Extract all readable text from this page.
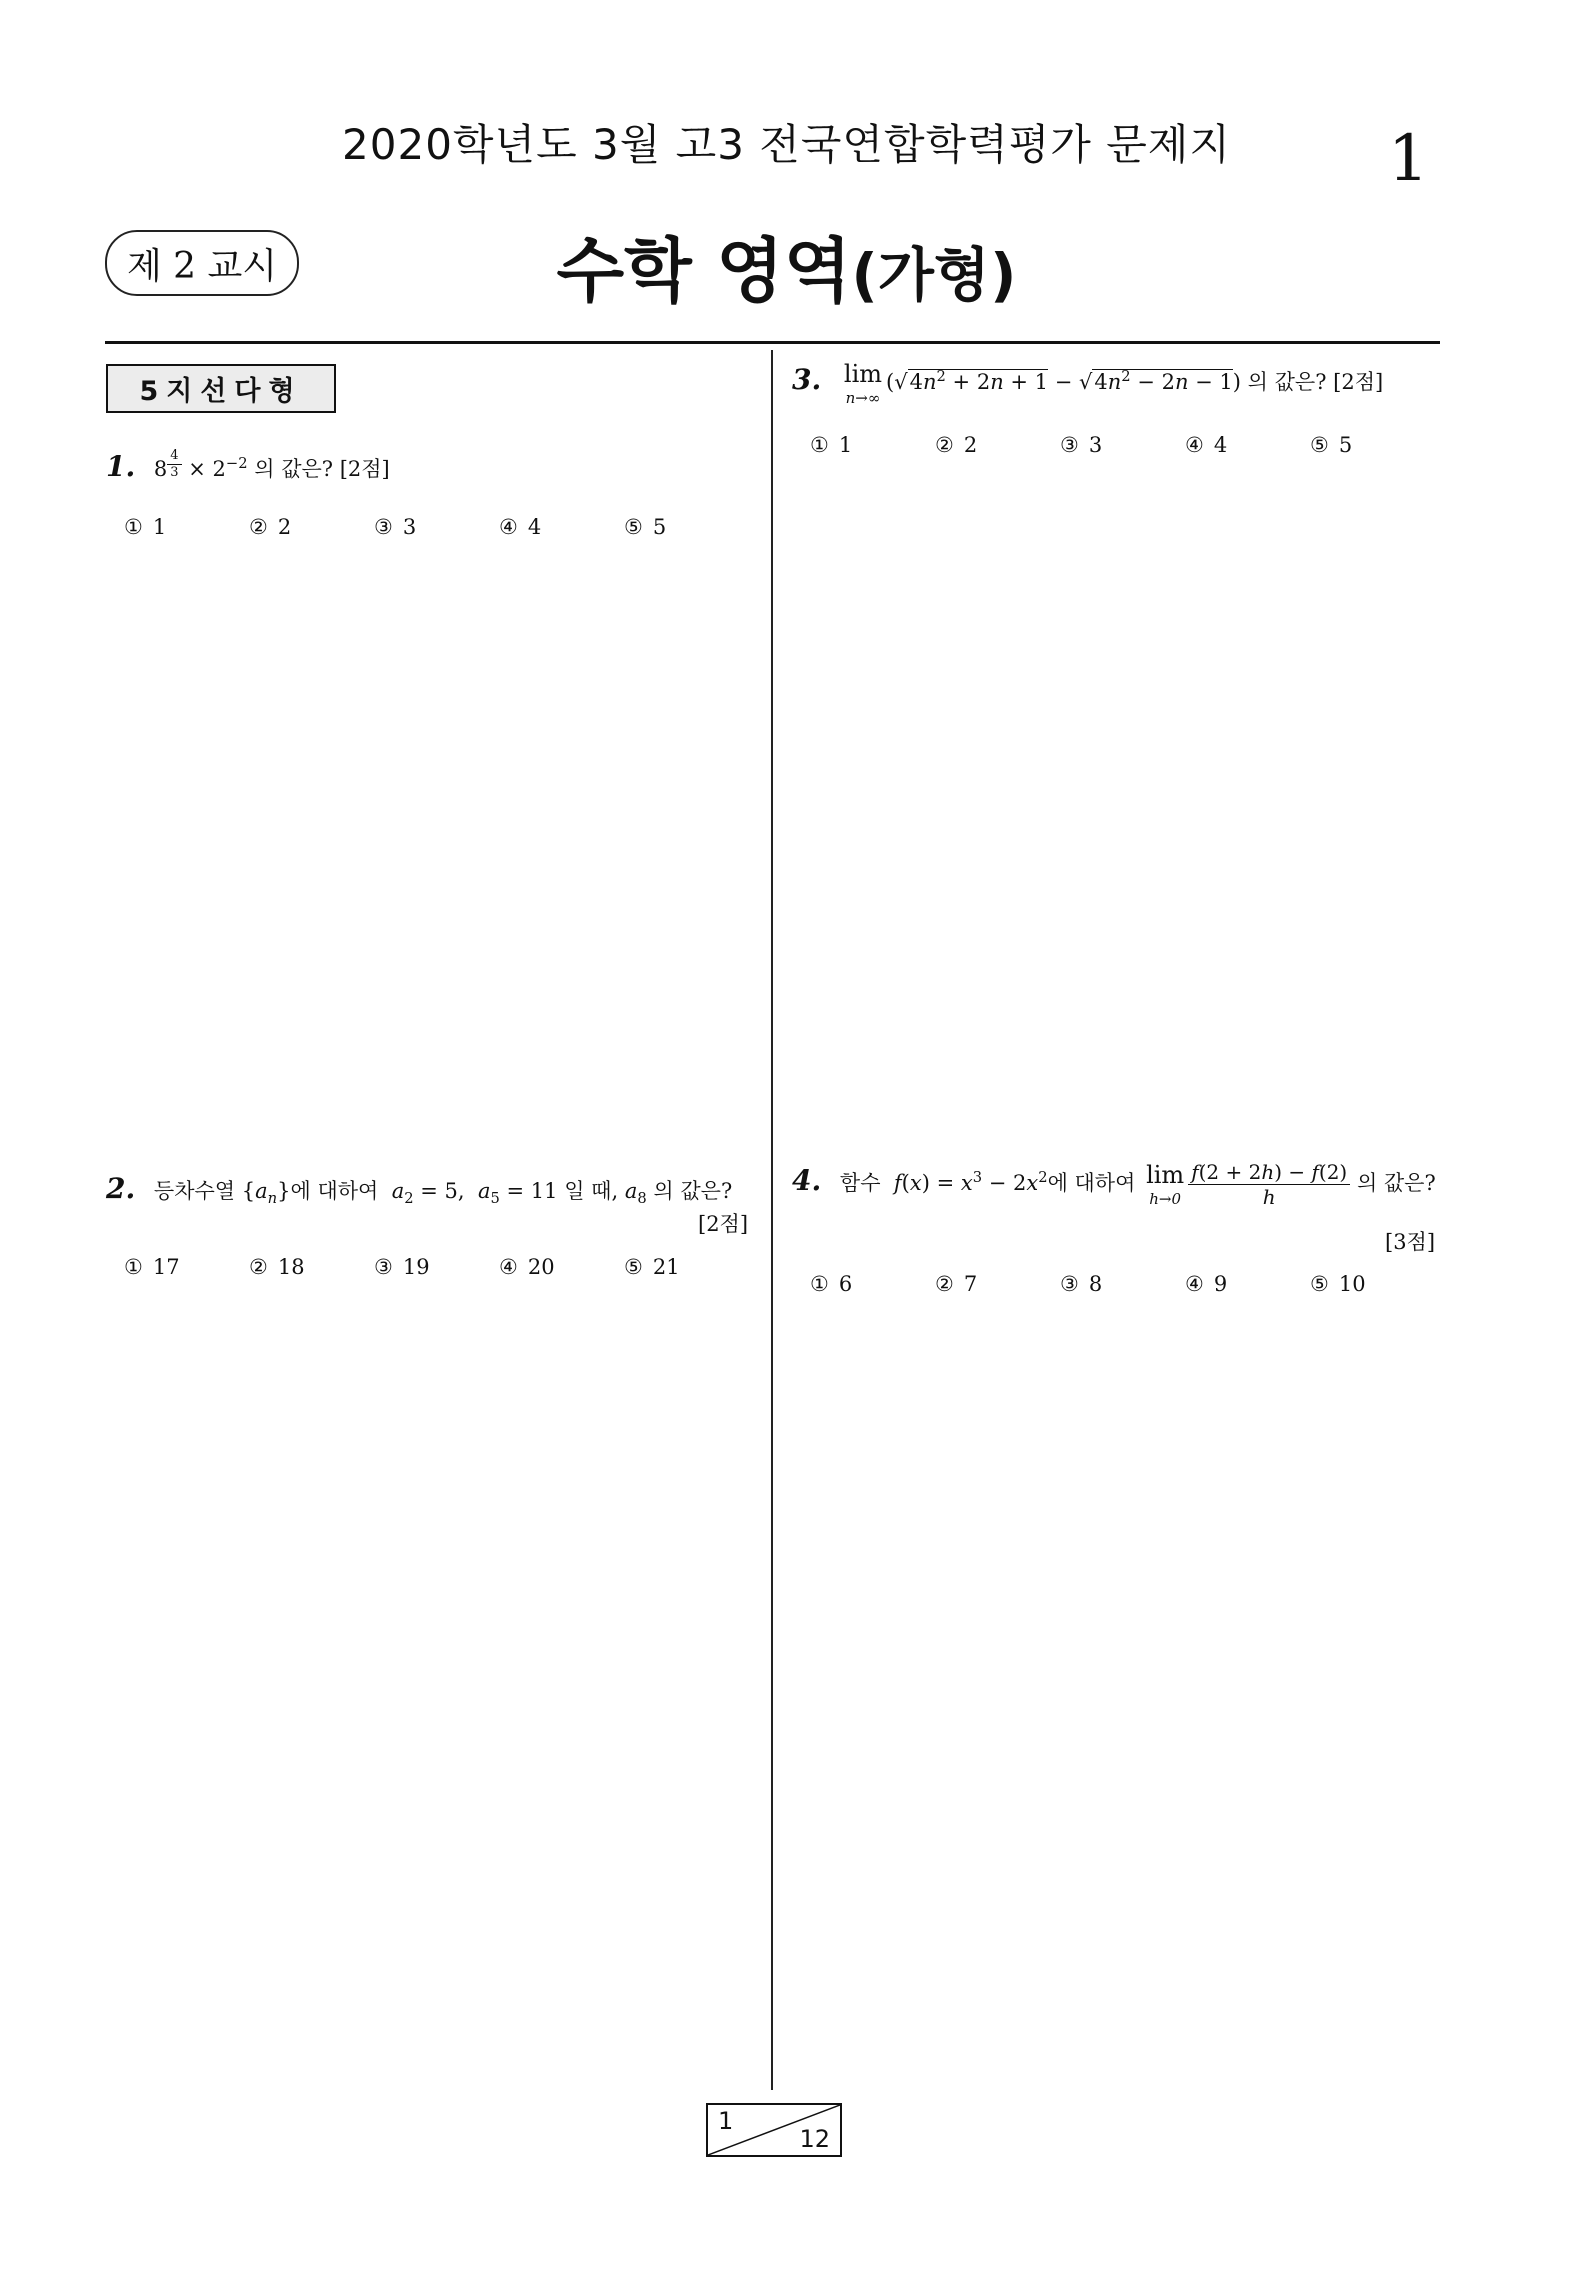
2020학년도 3월 고3 전국연합학력평가 문제지	1
제 2 교시	수학 영역(가형)
5지선다형
1. 8 $^{\frac{4}{3}} \times 2^{-2}$ 의 값은? [2점]
① 1	② 2	③ 3	④ 4	⑤ 5
2. 등차수열 $\{a_n\}$에 대하여 $a_2 = 5$,  $a_5 = 11$ 일 때, $a_8$ 의 값은?
[2점]
① 17	② 18	③ 19	④ 20	⑤ 21
3. lim
n→∞
$(√4n^2 + 2n + 1 - √4n^2 - 2n - 1)$ 의 값은? [2점]
① 1	② 2	③ 3	④ 4	⑤ 5
4. 함수 $f(x) = x^3 - 2x^2$에 대하여 lim
$h\to 0 \frac{f(2 + 2h) - f(2)}{h}$ 의 값은?
[3점]
① 6	② 7	③ 8	④ 9	⑤ 10
1
12
